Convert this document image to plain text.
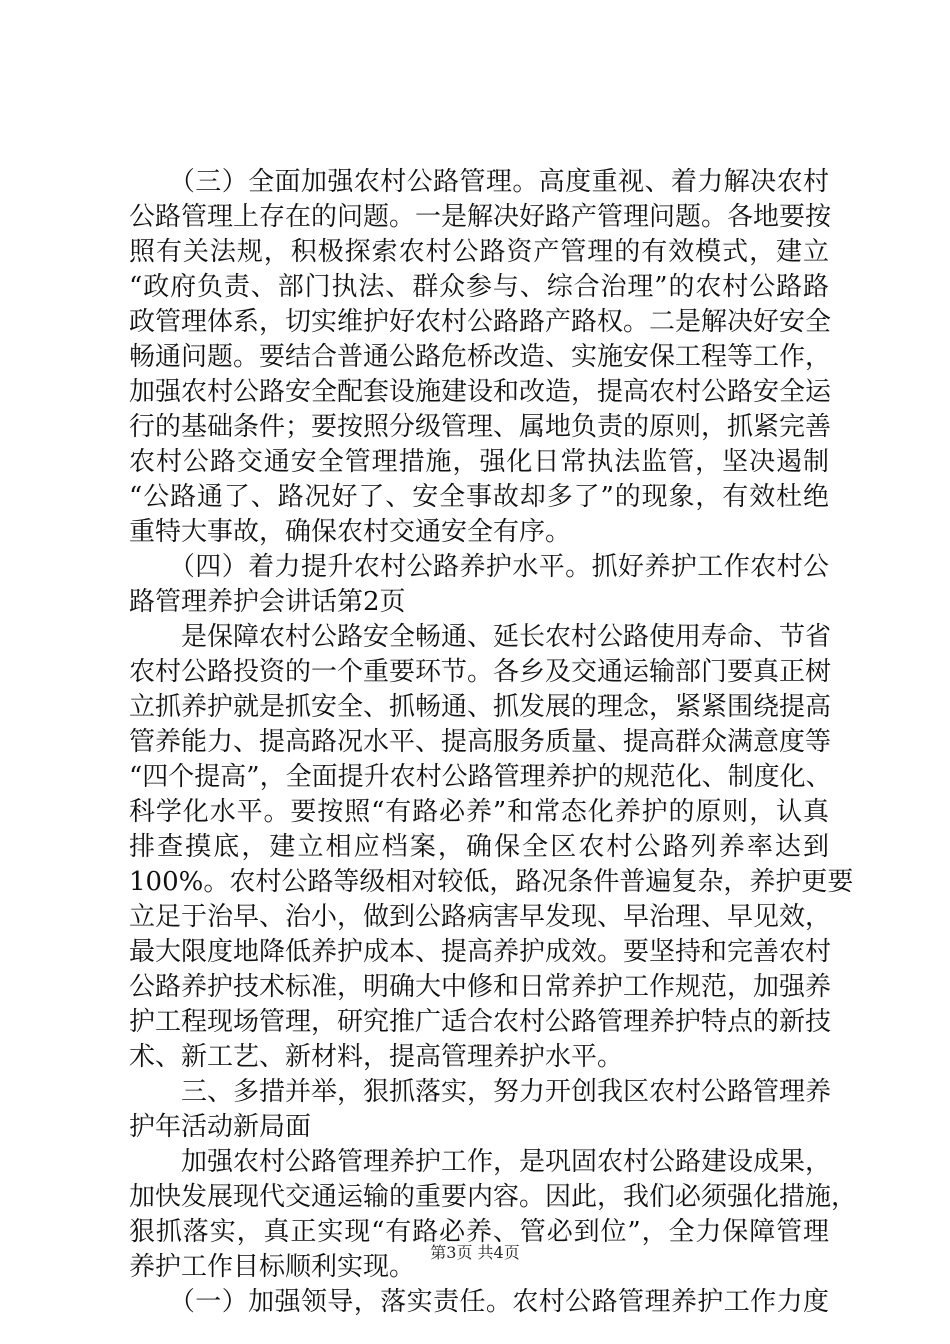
　　（三）全面加强农村公路管理。高度重视、着力解决农村
公路管理上存在的问题。一是解决好路产管理问题。各地要按
照有关法规，积极探索农村公路资产管理的有效模式，建立
“政府负责、部门执法、群众参与、综合治理”的农村公路路
政管理体系，切实维护好农村公路路产路权。二是解决好安全
畅通问题。要结合普通公路危桥改造、实施安保工程等工作，
加强农村公路安全配套设施建设和改造，提高农村公路安全运
行的基础条件；要按照分级管理、属地负责的原则，抓紧完善
农村公路交通安全管理措施，强化日常执法监管，坚决遏制
“公路通了、路况好了、安全事故却多了”的现象，有效杜绝
重特大事故，确保农村交通安全有序。
　　（四）着力提升农村公路养护水平。抓好养护工作农村公
路管理养护会讲话第2页
　　是保障农村公路安全畅通、延长农村公路使用寿命、节省
农村公路投资的一个重要环节。各乡及交通运输部门要真正树
立抓养护就是抓安全、抓畅通、抓发展的理念，紧紧围绕提高
管养能力、提高路况水平、提高服务质量、提高群众满意度等
“四个提高”，全面提升农村公路管理养护的规范化、制度化、
科学化水平。要按照“有路必养”和常态化养护的原则，认真
排查摸底，建立相应档案，确保全区农村公路列养率达到
100%。农村公路等级相对较低，路况条件普遍复杂，养护更要
立足于治早、治小，做到公路病害早发现、早治理、早见效，
最大限度地降低养护成本、提高养护成效。要坚持和完善农村
公路养护技术标准，明确大中修和日常养护工作规范，加强养
护工程现场管理，研究推广适合农村公路管理养护特点的新技
术、新工艺、新材料，提高管理养护水平。
　　三、多措并举，狠抓落实，努力开创我区农村公路管理养
护年活动新局面
　　加强农村公路管理养护工作，是巩固农村公路建设成果，
加快发展现代交通运输的重要内容。因此，我们必须强化措施，
狠抓落实，真正实现“有路必养、管必到位”，全力保障管理
养护工作目标顺利实现。
　　（一）加强领导，落实责任。农村公路管理养护工作力度
第3页 共4页
